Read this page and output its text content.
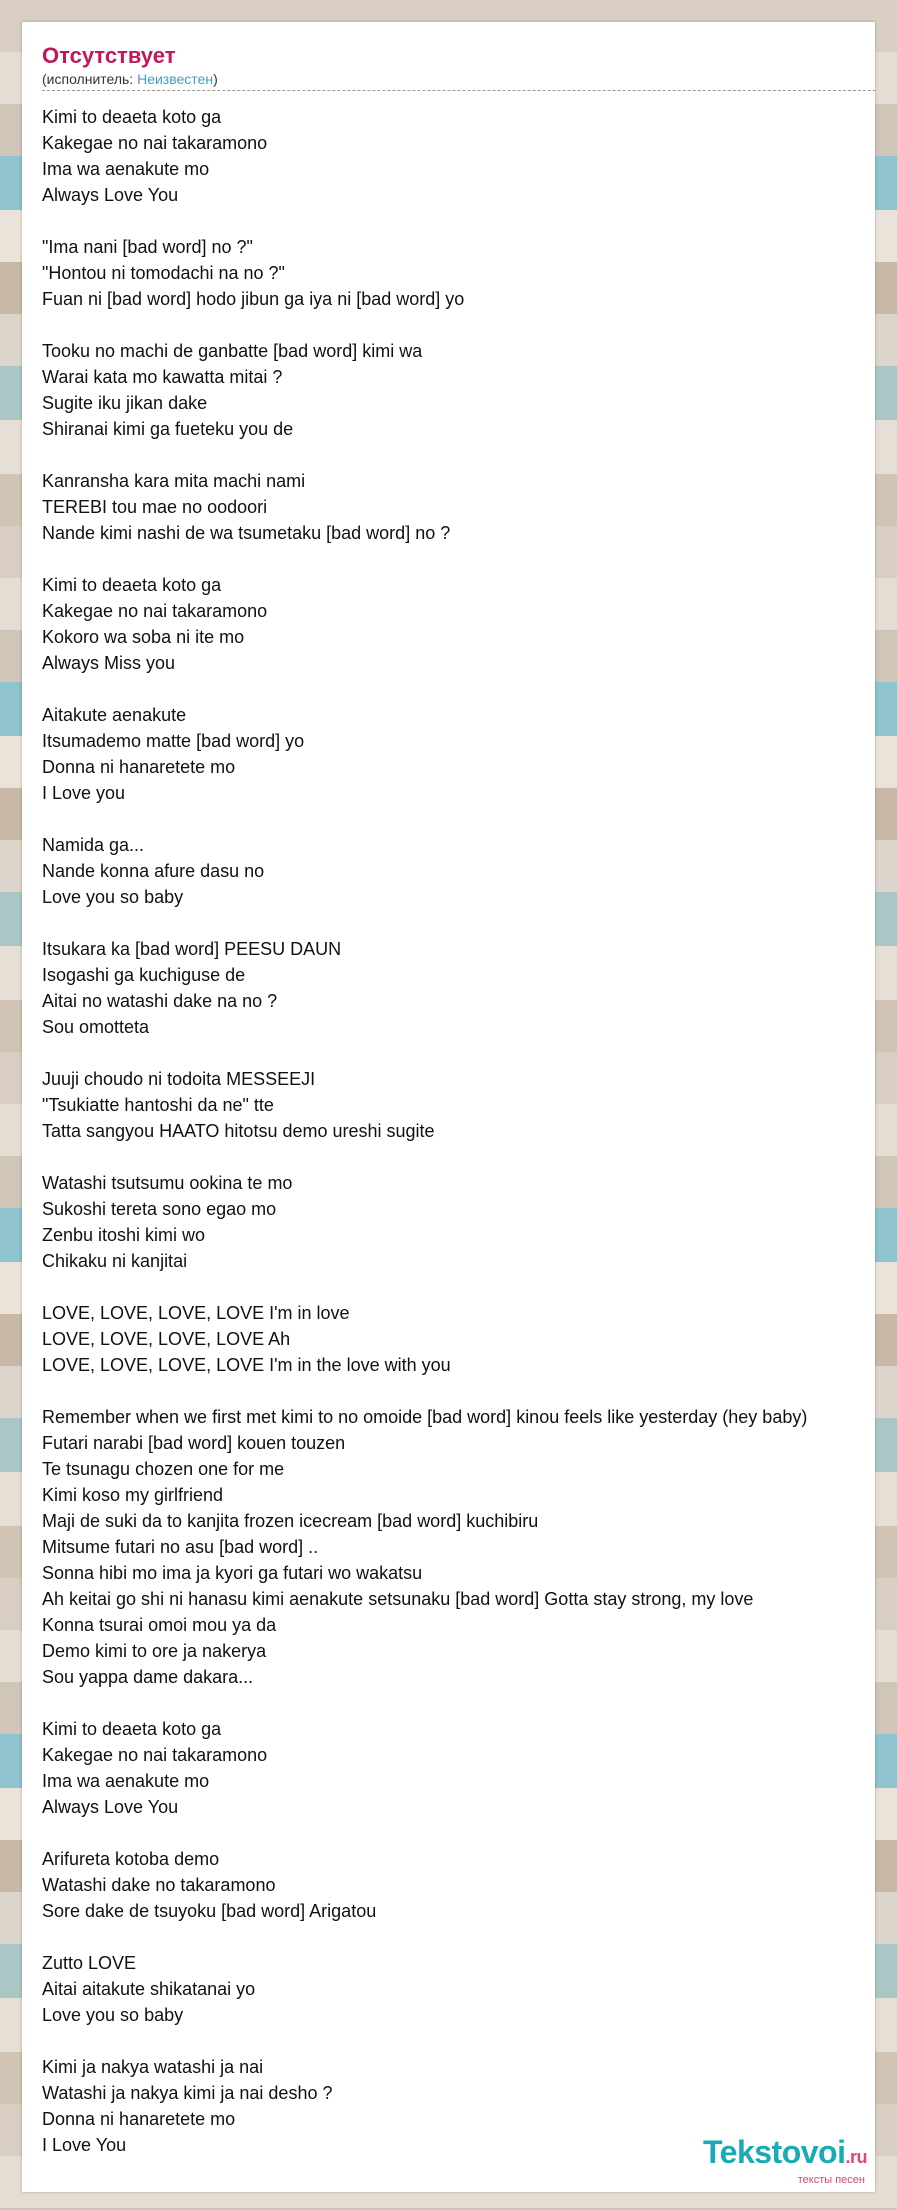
Отсутствует

(исполнитель: Неизвестен)

Kimi to deaeta koto ga
Kakegae no nai takaramono
Ima wa aenakute mo
Always Love You

"Ima nani [bad word] no ?"
"Hontou ni tomodachi na no ?"
Fuan ni [bad word] hodo jibun ga iya ni [bad word] yo

Tooku no machi de ganbatte [bad word] kimi wa
Warai kata mo kawatta mitai ?
Sugite iku jikan dake
Shiranai kimi ga fueteku you de

Kanransha kara mita machi nami
TEREBI tou mae no oodoori
Nande kimi nashi de wa tsumetaku [bad word] no ?

Kimi to deaeta koto ga
Kakegae no nai takaramono
Kokoro wa soba ni ite mo
Always Miss you

Aitakute aenakute
Itsumademo matte [bad word] yo
Donna ni hanaretete mo
I Love you

Namida ga...
Nande konna afure dasu no
Love you so baby

Itsukara ka [bad word] PEESU DAUN
Isogashi ga kuchiguse de
Aitai no watashi dake na no ?
Sou omotteta

Juuji choudo ni todoita MESSEEJI
"Tsukiatte hantoshi da ne" tte
Tatta sangyou HAATO hitotsu demo ureshi sugite

Watashi tsutsumu ookina te mo
Sukoshi tereta sono egao mo
Zenbu itoshi kimi wo
Chikaku ni kanjitai

LOVE, LOVE, LOVE, LOVE I'm in love
LOVE, LOVE, LOVE, LOVE Ah
LOVE, LOVE, LOVE, LOVE I'm in the love with you

Remember when we first met kimi to no omoide [bad word] kinou feels like yesterday (hey baby)
Futari narabi [bad word] kouen touzen
Te tsunagu chozen one for me
Kimi koso my girlfriend
Maji de suki da to kanjita frozen icecream [bad word] kuchibiru
Mitsume futari no asu [bad word] ..
Sonna hibi mo ima ja kyori ga futari wo wakatsu
Ah keitai go shi ni hanasu kimi aenakute setsunaku [bad word] Gotta stay strong, my love
Konna tsurai omoi mou ya da
Demo kimi to ore ja nakerya
Sou yappa dame dakara...

Kimi to deaeta koto ga
Kakegae no nai takaramono
Ima wa aenakute mo
Always Love You

Arifureta kotoba demo
Watashi dake no takaramono
Sore dake de tsuyoku [bad word] Arigatou

Zutto LOVE
Aitai aitakute shikatanai yo
Love you so baby

Kimi ja nakya watashi ja nai
Watashi ja nakya kimi ja nai desho ?
Donna ni hanaretete mo
I Love You	Tekstovoi.ru
тексты песен
